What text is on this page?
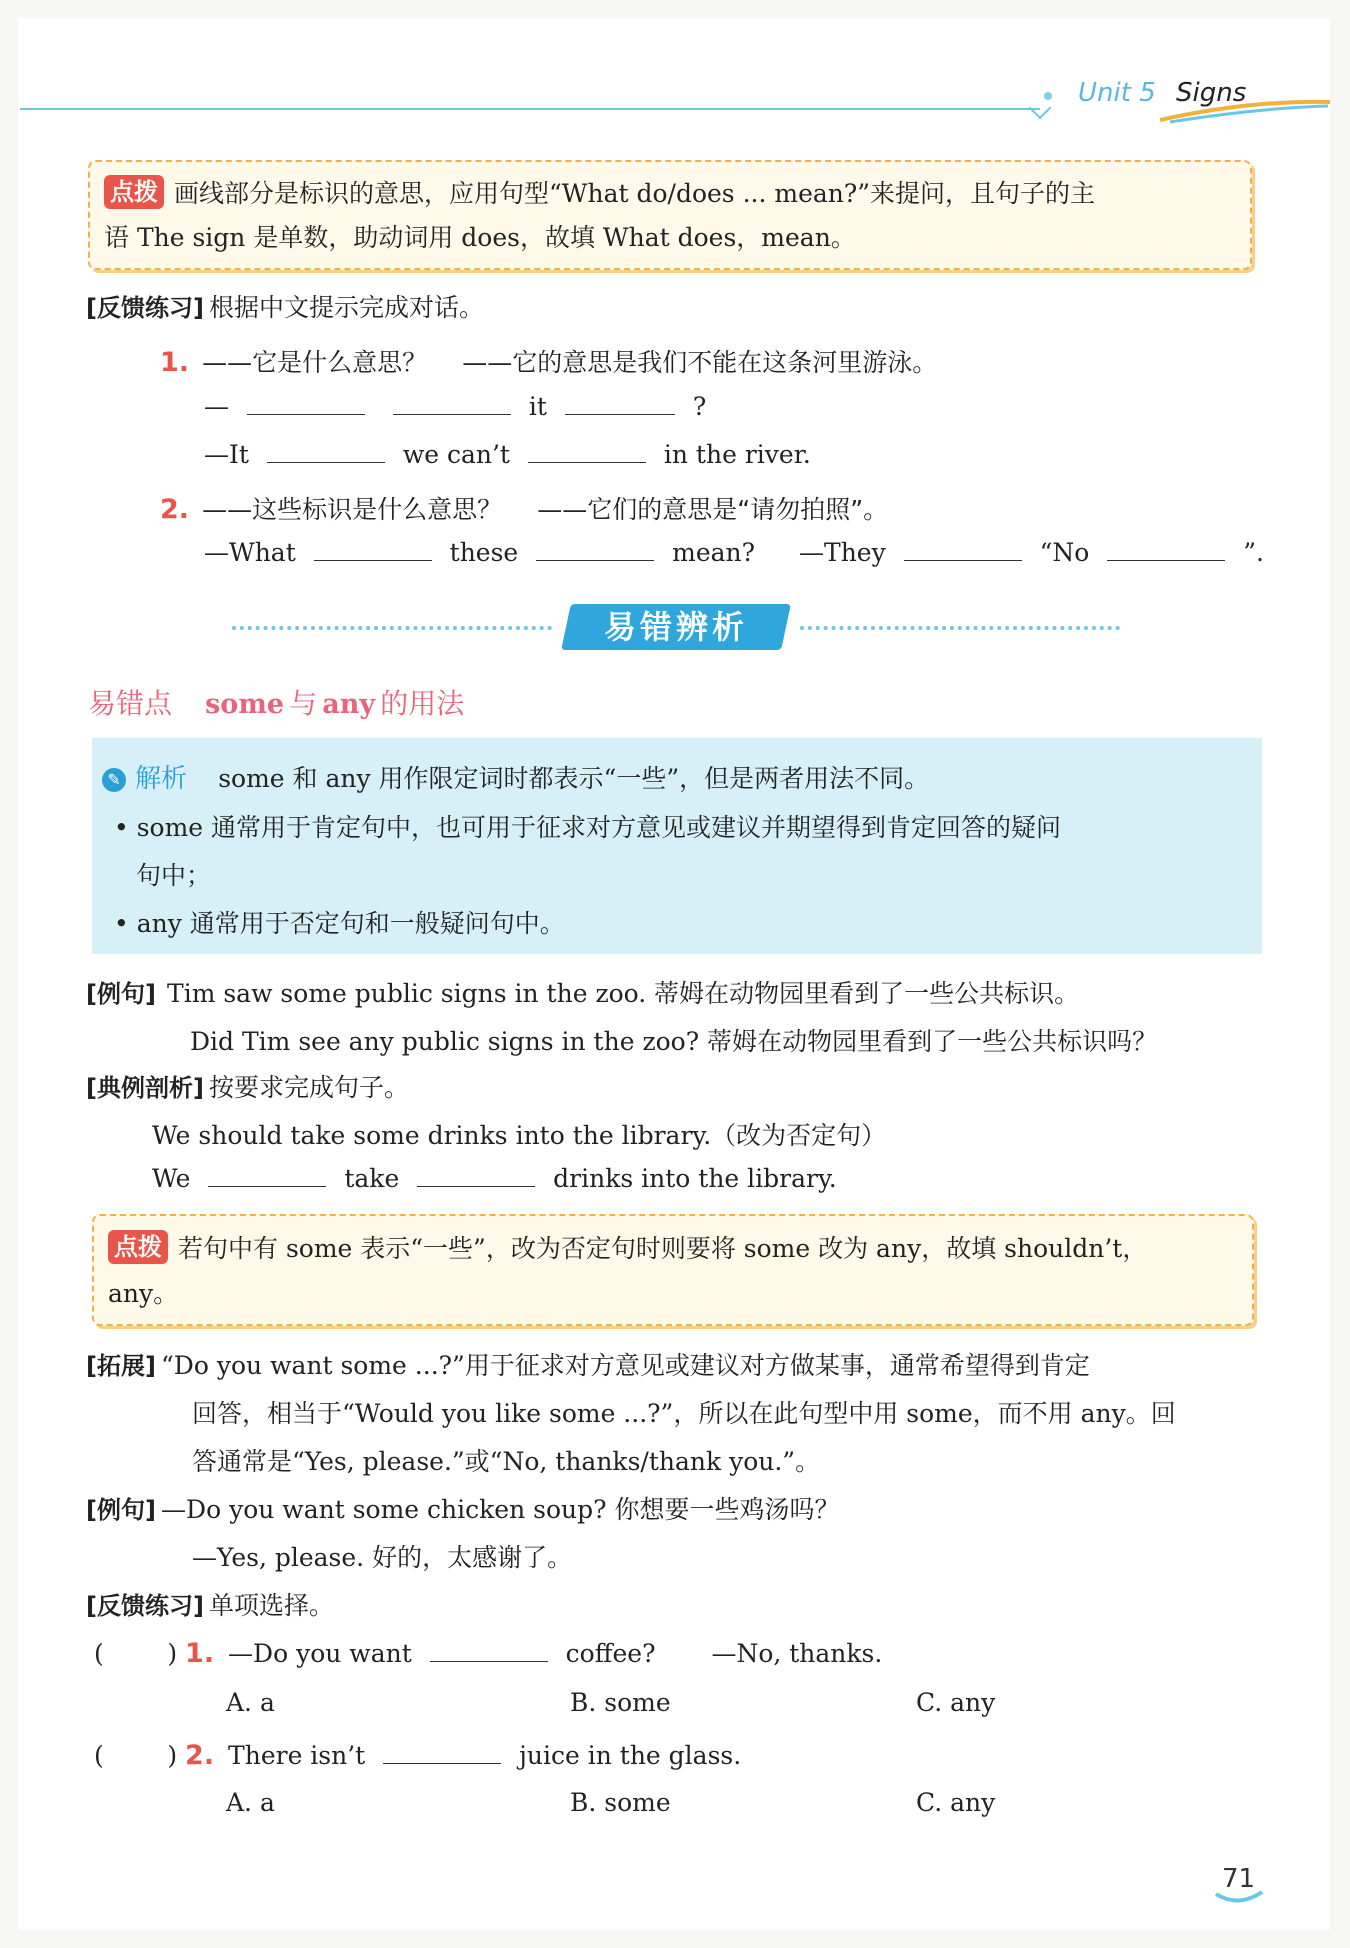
Unit 5 Signs
点拨 画线部分是标识的意思，应用句型“What do/does ... mean?”来提问，且句子的主
语 The sign 是单数，助动词用 does，故填 What does，mean。
[反馈练习] 根据中文提示完成对话。
1. ——它是什么意思？ ——它的意思是我们不能在这条河里游泳。
—	it	?
—It	we can’t	in the river.
2. ——这些标识是什么意思？ ——它们的意思是“请勿拍照”。
—What	these	mean? —They	“No	”.
易错辨析
易错点 some 与 any 的用法
✎ 解析 some 和 any 用作限定词时都表示“一些”，但是两者用法不同。
• some 通常用于肯定句中，也可用于征求对方意见或建议并期望得到肯定回答的疑问
句中；
• any 通常用于否定句和一般疑问句中。
[例句] Tim saw some public signs in the zoo. 蒂姆在动物园里看到了一些公共标识。
Did Tim see any public signs in the zoo? 蒂姆在动物园里看到了一些公共标识吗？
[典例剖析] 按要求完成句子。
We should take some drinks into the library.（改为否定句）
We	take	drinks into the library.
点拨 若句中有 some 表示“一些”，改为否定句时则要将 some 改为 any，故填 shouldn’t，
any。
[拓展] “Do you want some ...?”用于征求对方意见或建议对方做某事，通常希望得到肯定
回答，相当于“Would you like some ...?”，所以在此句型中用 some，而不用 any。回
答通常是“Yes, please.”或“No, thanks/thank you.”。
[例句] —Do you want some chicken soup? 你想要一些鸡汤吗？
—Yes, please. 好的，太感谢了。
[反馈练习] 单项选择。
(        ) 1. —Do you want	coffee? —No, thanks.
A. a	B. some	C. any
(        ) 2. There isn’t	juice in the glass.
A. a	B. some	C. any
71
